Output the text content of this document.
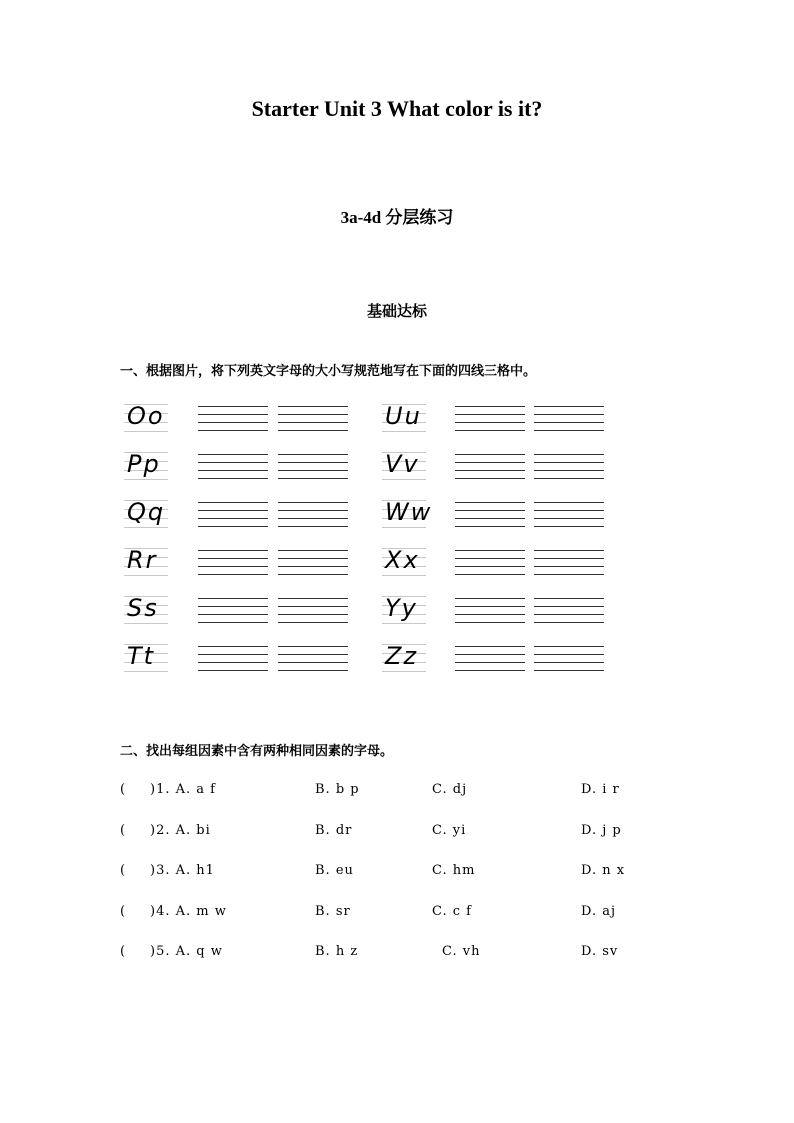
Starter Unit 3 What color is it?
3a-4d 分层练习
基础达标
一、根据图片，将下列英文字母的大小写规范地写在下面的四线三格中。
Oo
Pp
Qq
Rr
Ss
Tt
Uu
Vv
Ww
Xx
Yy
Zz
二、找出每组因素中含有两种相同因素的字母。
( )1. A. a f	B. b p	C. dj	D. i r
( )2. A. bi	B. dr	C. yi	D. j p
( )3. A. h1	B. eu	C. hm	D. n x
( )4. A. m w	B. sr	C. c f	D. aj
( )5. A. q w	B. h z	C. vh	D. sv
